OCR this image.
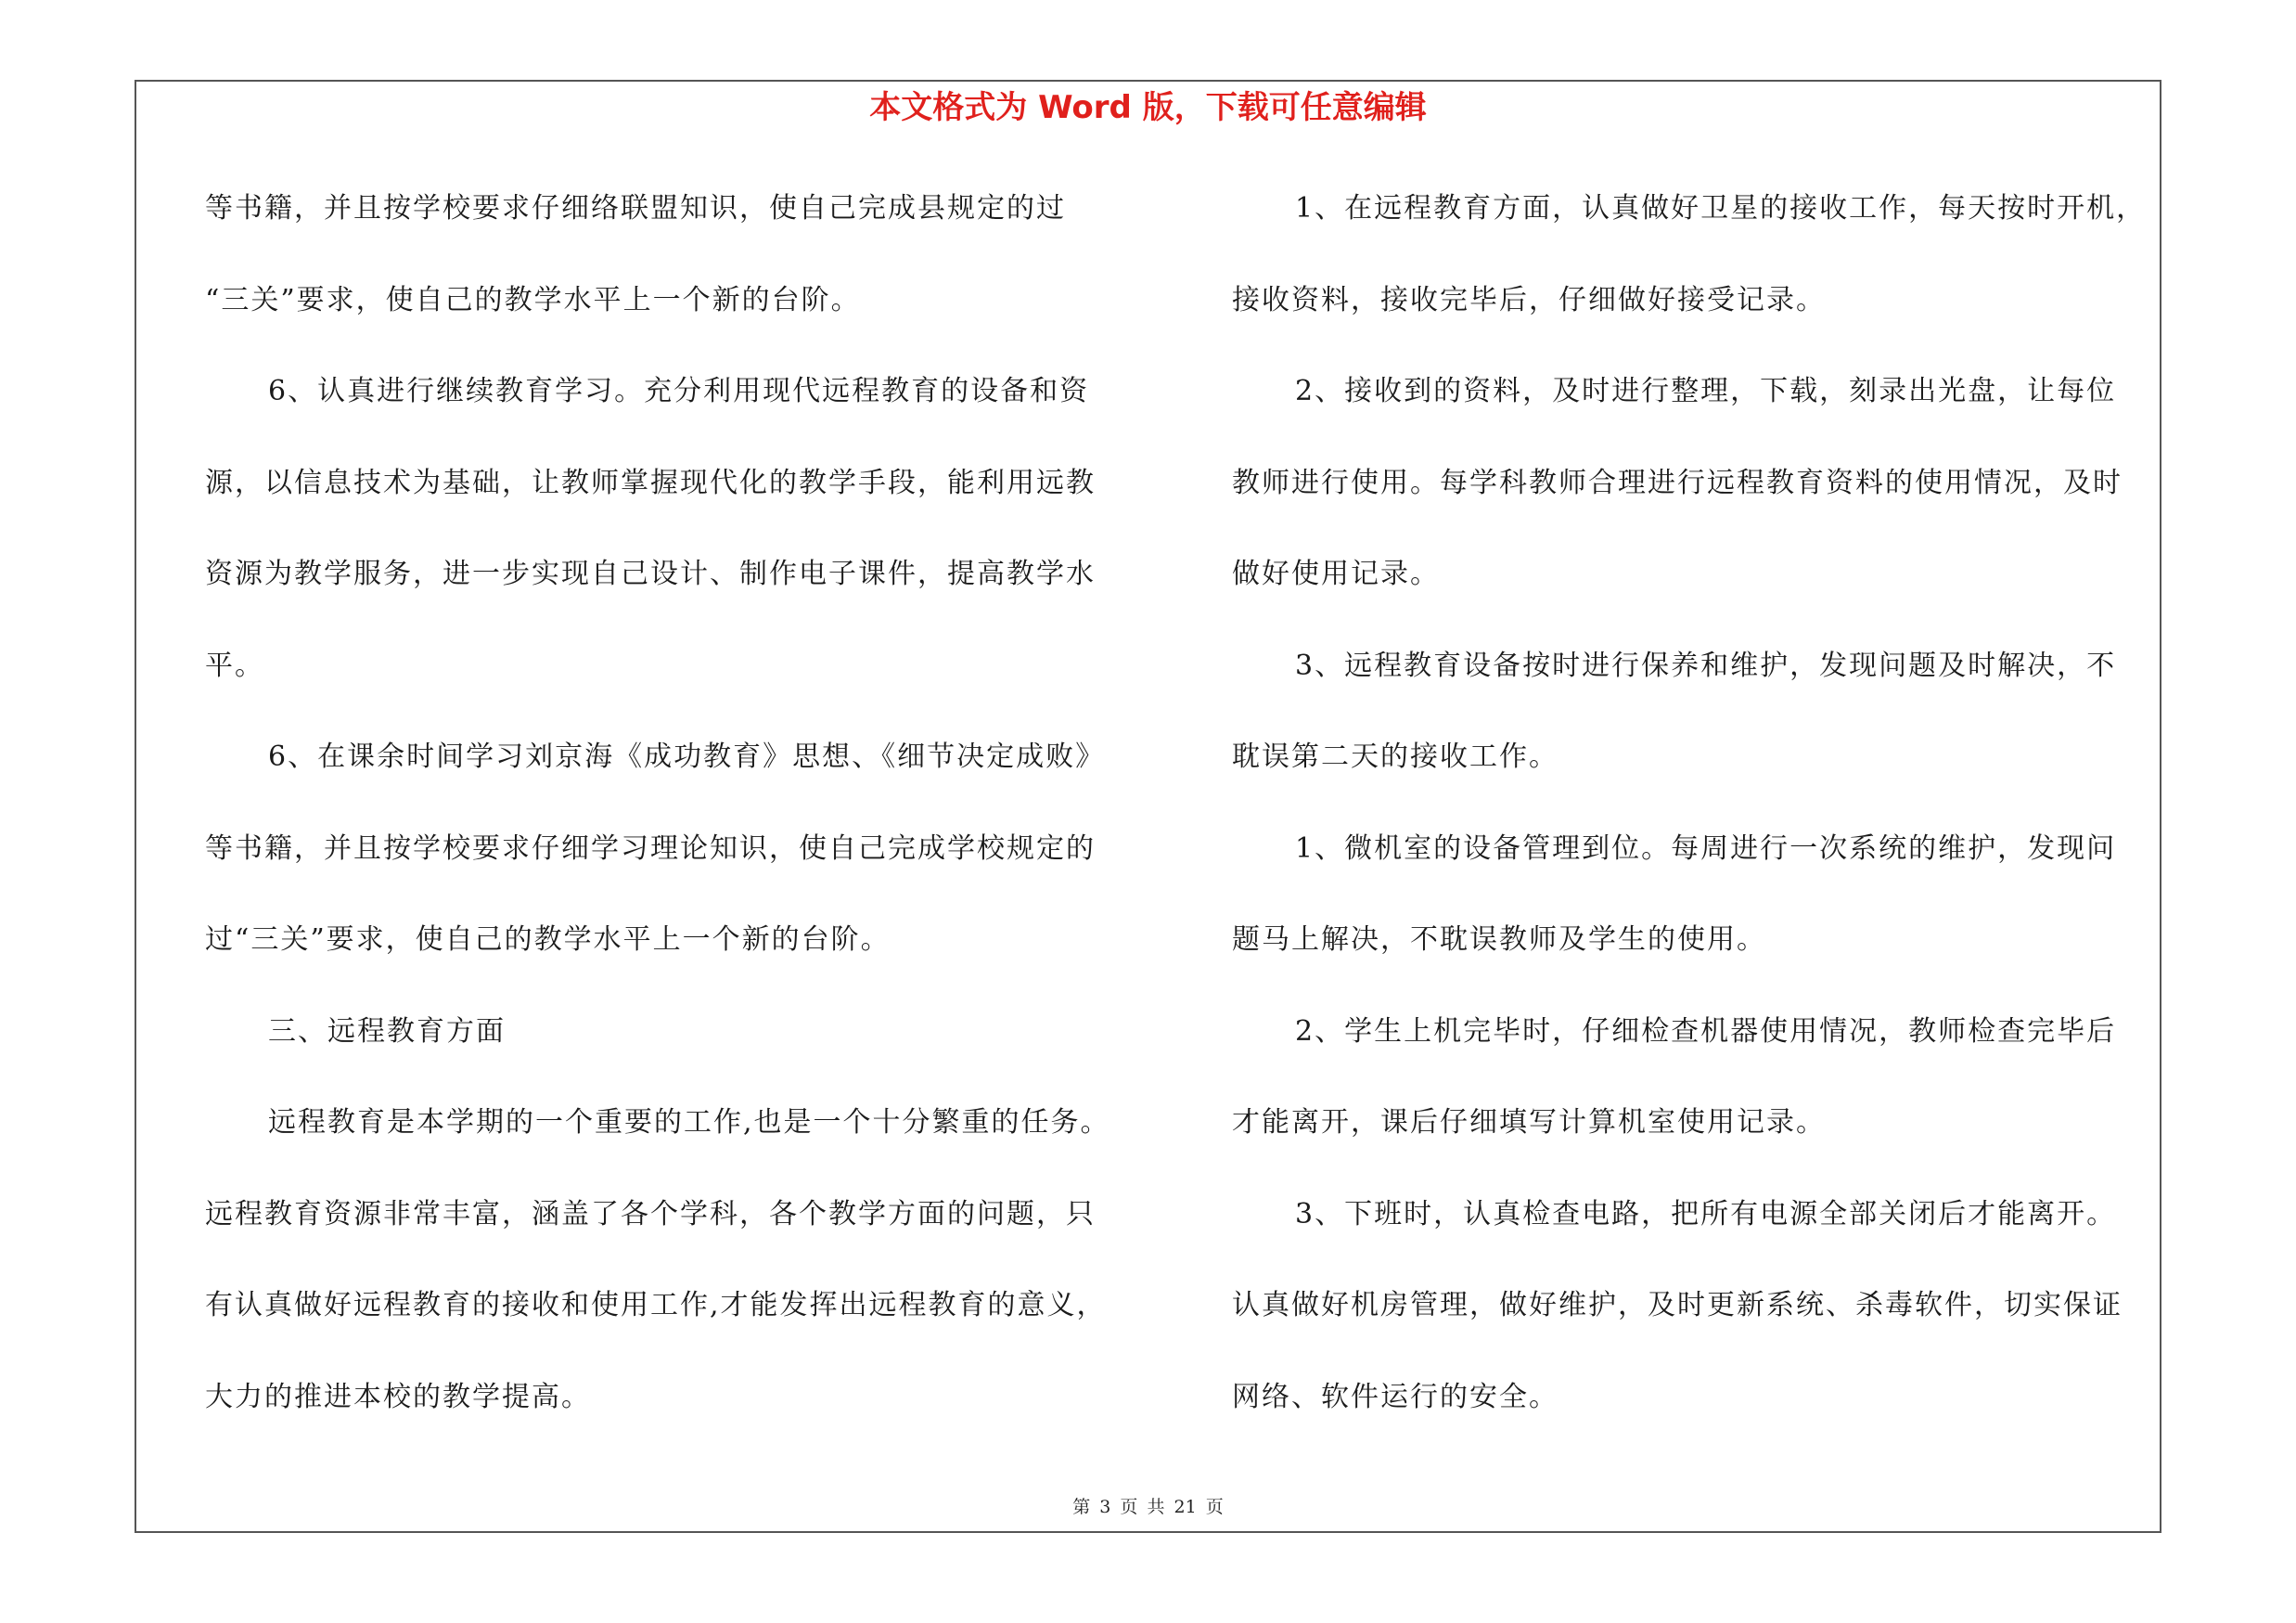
本文格式为 Word 版，下载可任意编辑
等书籍，并且按学校要求仔细络联盟知识，使自己完成县规定的过
“三关”要求，使自己的教学水平上一个新的台阶。
6、认真进行继续教育学习。充分利用现代远程教育的设备和资
源，以信息技术为基础，让教师掌握现代化的教学手段，能利用远教
资源为教学服务，进一步实现自己设计、制作电子课件，提高教学水
平。
6、在课余时间学习刘京海《成功教育》思想、《细节决定成败》
等书籍，并且按学校要求仔细学习理论知识，使自己完成学校规定的
过“三关”要求，使自己的教学水平上一个新的台阶。
三、远程教育方面
远程教育是本学期的一个重要的工作,也是一个十分繁重的任务。
远程教育资源非常丰富，涵盖了各个学科，各个教学方面的问题，只
有认真做好远程教育的接收和使用工作,才能发挥出远程教育的意义，
大力的推进本校的教学提高。
1、在远程教育方面，认真做好卫星的接收工作，每天按时开机，
接收资料，接收完毕后，仔细做好接受记录。
2、接收到的资料，及时进行整理，下载，刻录出光盘，让每位
教师进行使用。每学科教师合理进行远程教育资料的使用情况，及时
做好使用记录。
3、远程教育设备按时进行保养和维护，发现问题及时解决，不
耽误第二天的接收工作。
1、微机室的设备管理到位。每周进行一次系统的维护，发现问
题马上解决，不耽误教师及学生的使用。
2、学生上机完毕时，仔细检查机器使用情况，教师检查完毕后
才能离开，课后仔细填写计算机室使用记录。
3、下班时，认真检查电路，把所有电源全部关闭后才能离开。
认真做好机房管理，做好维护，及时更新系统、杀毒软件，切实保证
网络、软件运行的安全。
第 3 页 共 21 页
